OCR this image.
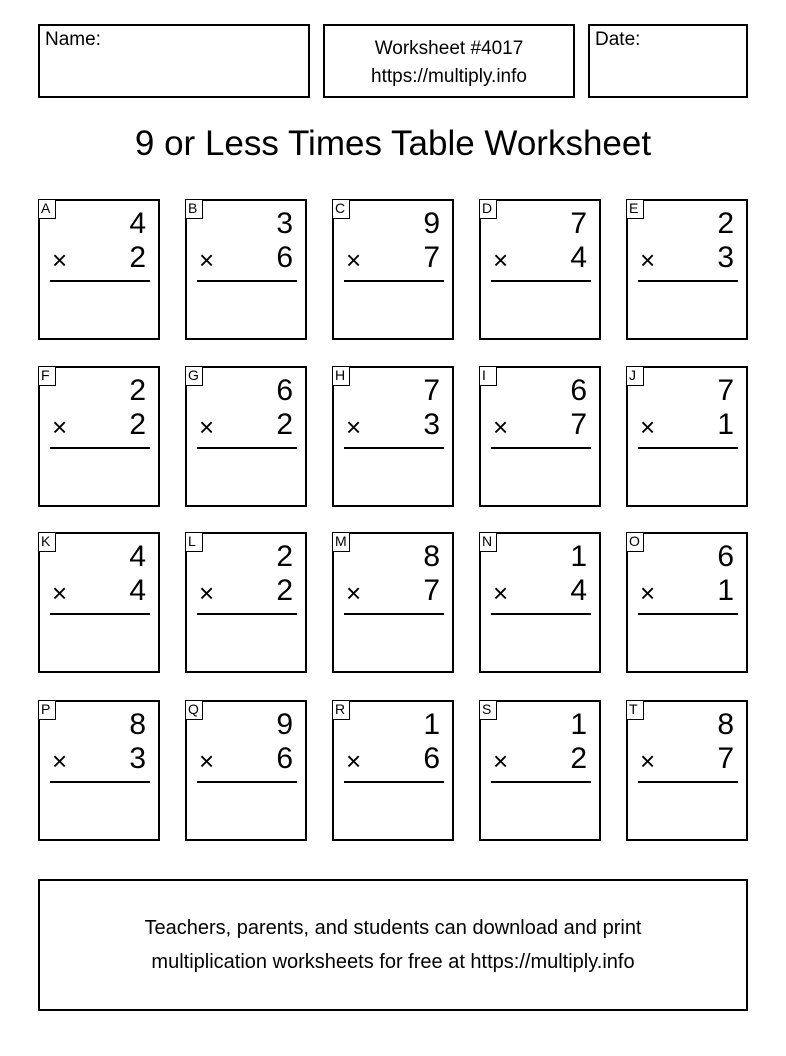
Name:	Worksheet #4017
https://multiply.info
Date:
9 or Less Times Table Worksheet
A	4
× 2
B	3
× 6
C	9
× 7
D	7
× 4
E	2
× 3
F	2
× 2
G	6
× 2
H	7
× 3
I	6
× 7
J	7
× 1
K	4
× 4
L	2
× 2
M	8
× 7
N	1
× 4
O	6
× 1
P	8
× 3
Q	9
× 6
R	1
× 6
S	1
× 2
T	8
× 7
Teachers, parents, and students can download and print
multiplication worksheets for free at https://multiply.info
